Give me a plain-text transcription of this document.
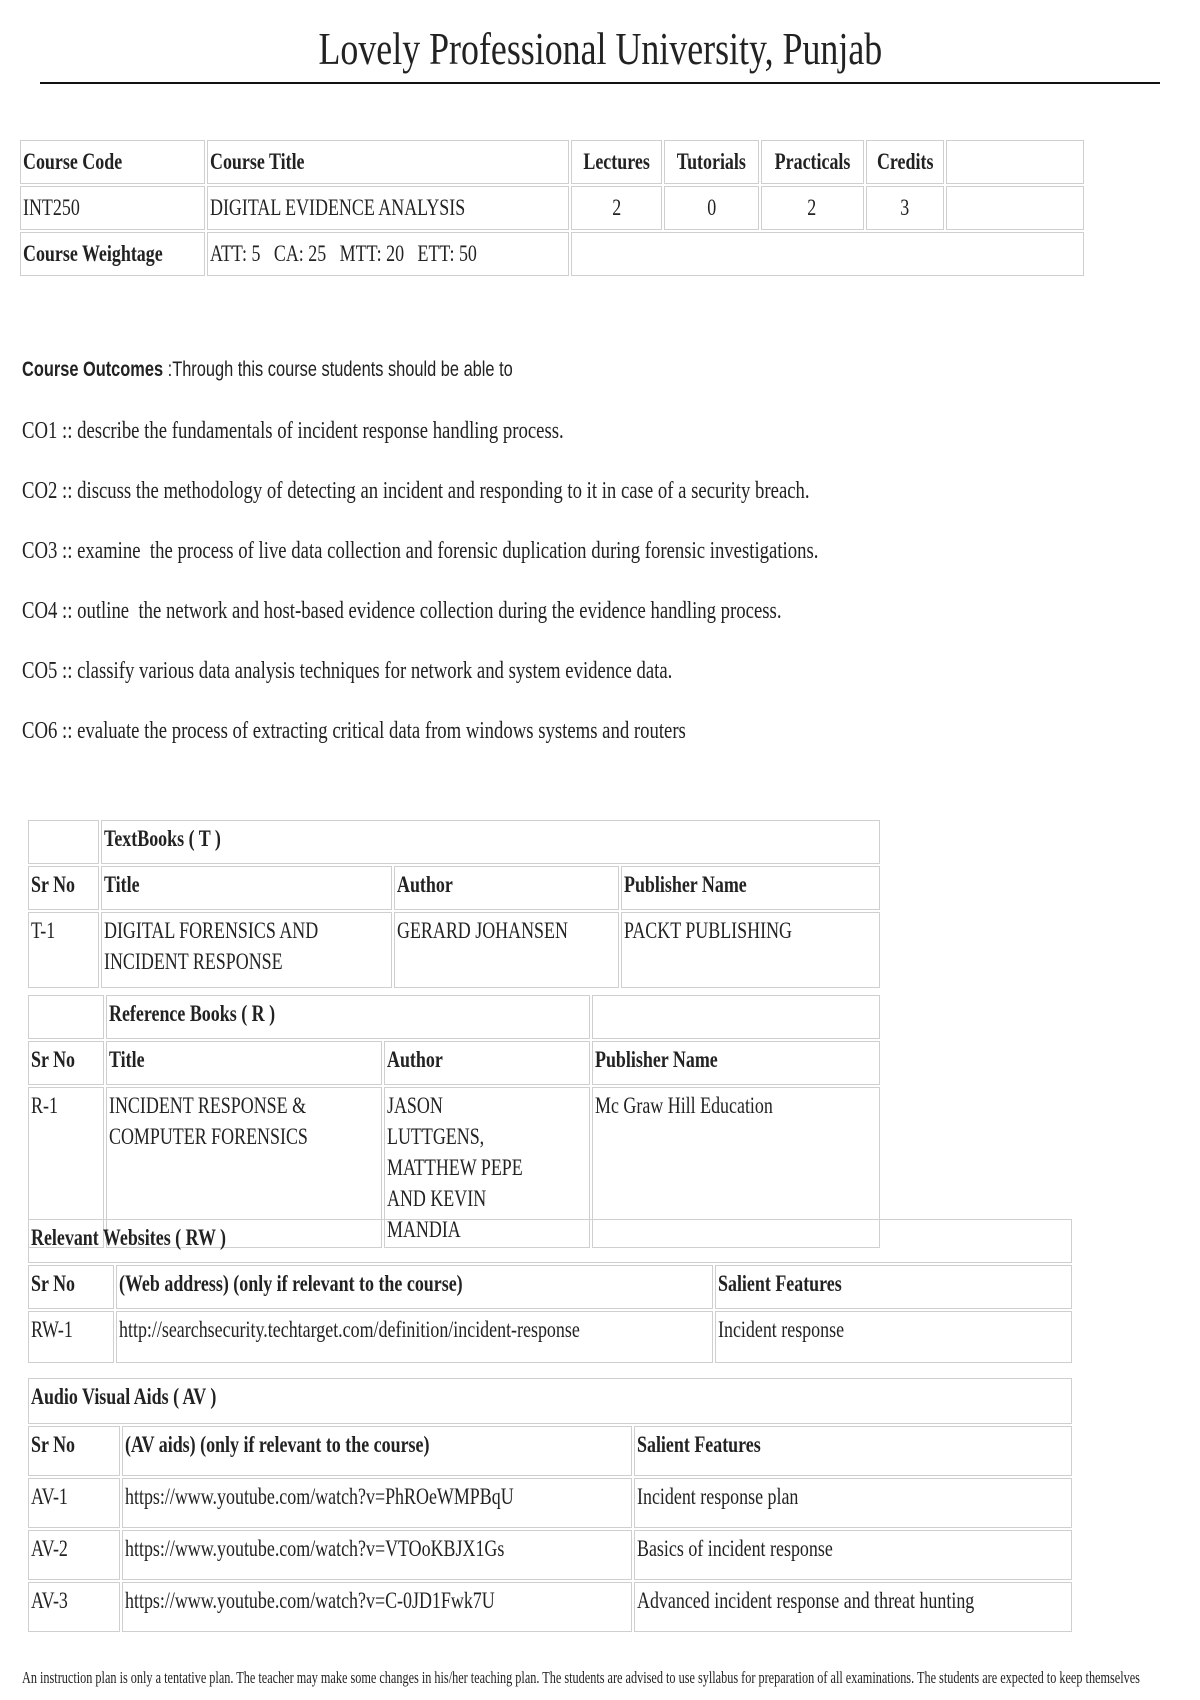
Lovely Professional University, Punjab
Course Code	Course Title	Lectures	Tutorials	Practicals	Credits	
INT250	DIGITAL EVIDENCE ANALYSIS	2	0	2	3	
Course Weightage	ATT: 5   CA: 25   MTT: 20   ETT: 50					
Course Outcomes :Through this course students should be able to
CO1 :: describe the fundamentals of incident response handling process.
CO2 :: discuss the methodology of detecting an incident and responding to it in case of a security breach.
CO3 :: examine  the process of live data collection and forensic duplication during forensic investigations.
CO4 :: outline  the network and host-based evidence collection during the evidence handling process.
CO5 :: classify various data analysis techniques for network and system evidence data.
CO6 :: evaluate the process of extracting critical data from windows systems and routers
	TextBooks ( T )		
Sr No	Title	Author	Publisher Name
T-1	DIGITAL FORENSICS AND INCIDENT RESPONSE	GERARD JOHANSEN	PACKT PUBLISHING
	Reference Books ( R )		
Sr No	Title	Author	Publisher Name
R-1	INCIDENT RESPONSE & COMPUTER FORENSICS	JASON LUTTGENS, MATTHEW PEPE AND KEVIN MANDIA	Mc Graw Hill Education
Relevant Websites ( RW )		
Sr No	(Web address) (only if relevant to the course)	Salient Features
RW-1	http://searchsecurity.techtarget.com/definition/incident-response	Incident response
Audio Visual Aids ( AV )		
Sr No	(AV aids) (only if relevant to the course)	Salient Features
AV-1	https://www.youtube.com/watch?v=PhROeWMPBqU	Incident response plan
AV-2	https://www.youtube.com/watch?v=VTOoKBJX1Gs	Basics of incident response
AV-3	https://www.youtube.com/watch?v=C-0JD1Fwk7U	Advanced incident response and threat hunting
An instruction plan is only a tentative plan. The teacher may make some changes in his/her teaching plan. The students are advised to use syllabus for preparation of all examinations. The students are expected to keep themselves
